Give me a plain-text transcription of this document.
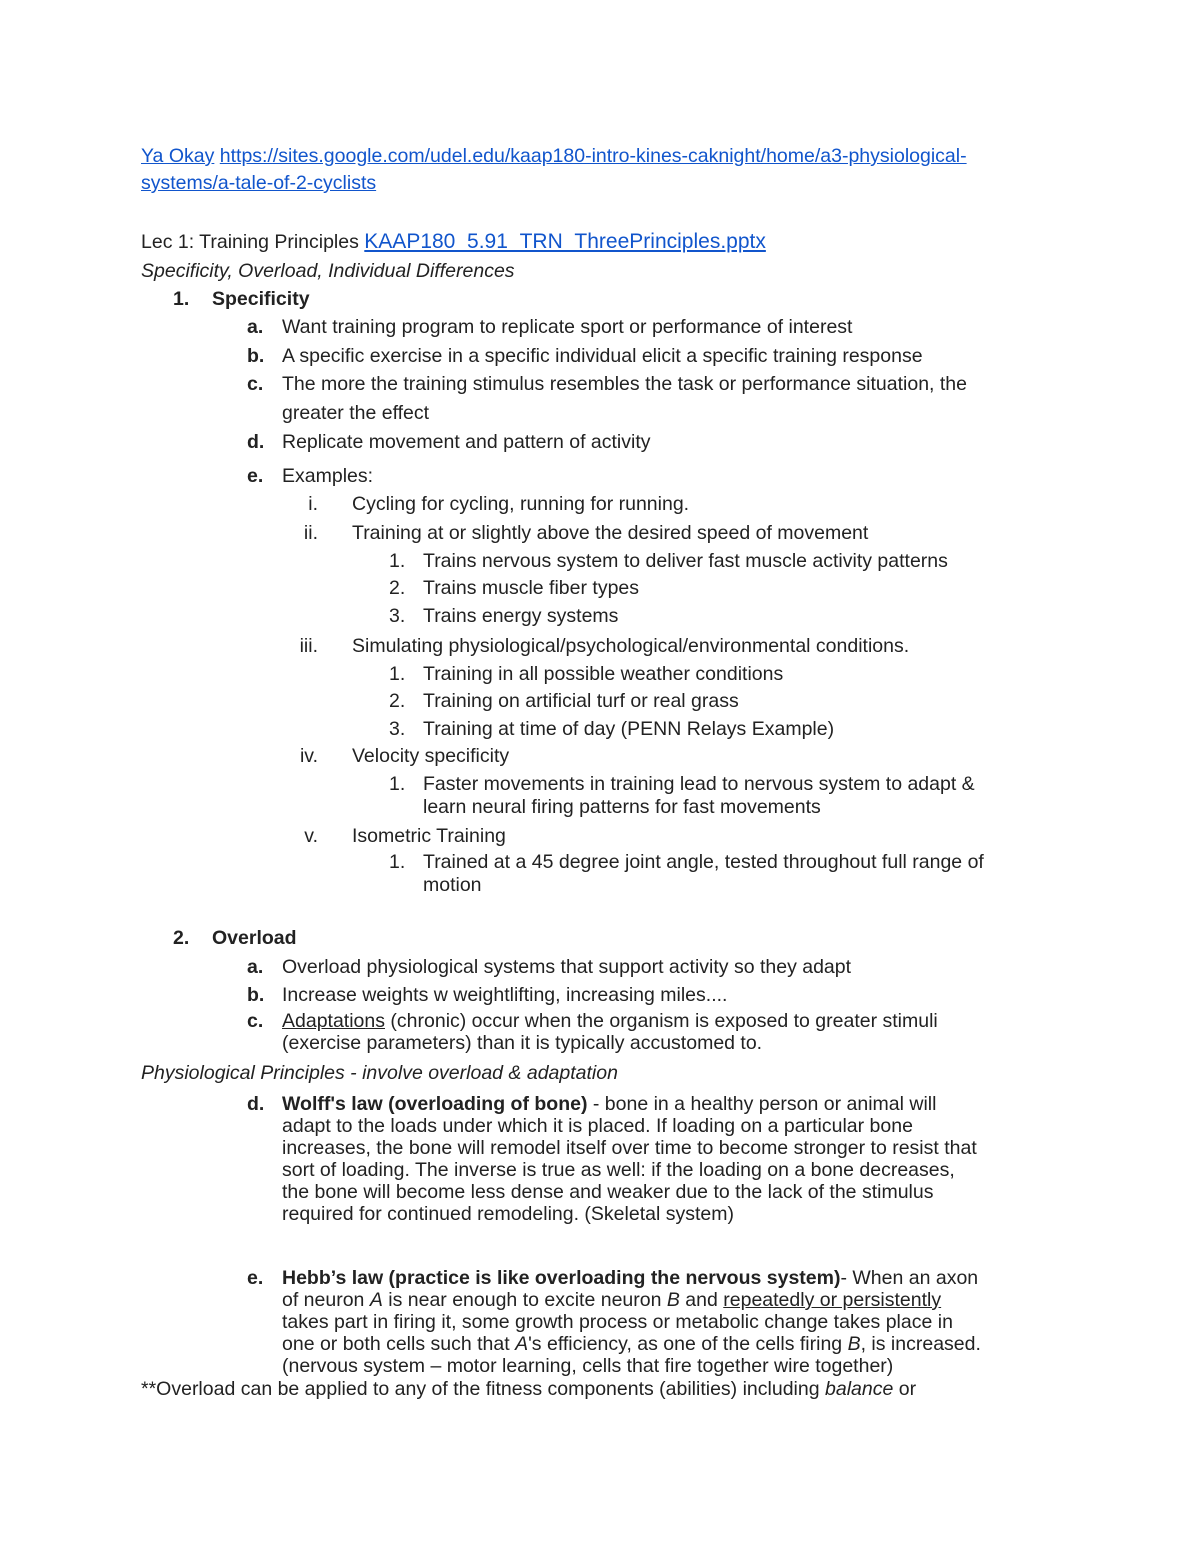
Ya Okay https://sites.google.com/udel.edu/kaap180-intro-kines-caknight/home/a3-physiological-
systems/a-tale-of-2-cyclists
Lec 1: Training Principles KAAP180_5.91_TRN_ThreePrinciples.pptx
Specificity, Overload, Individual Differences
1. Specificity
a. Want training program to replicate sport or performance of interest
b. A specific exercise in a specific individual elicit a specific training response
c. The more the training stimulus resembles the task or performance situation, the
greater the effect
d. Replicate movement and pattern of activity
e. Examples:
i. Cycling for cycling, running for running.
ii. Training at or slightly above the desired speed of movement
1. Trains nervous system to deliver fast muscle activity patterns
2. Trains muscle fiber types
3. Trains energy systems
iii. Simulating physiological/psychological/environmental conditions.
1. Training in all possible weather conditions
2. Training on artificial turf or real grass
3. Training at time of day (PENN Relays Example)
iv. Velocity specificity
1. Faster movements in training lead to nervous system to adapt &
learn neural firing patterns for fast movements
v. Isometric Training
1. Trained at a 45 degree joint angle, tested throughout full range of
motion
2. Overload
a. Overload physiological systems that support activity so they adapt
b. Increase weights w weightlifting, increasing miles....
c. Adaptations (chronic) occur when the organism is exposed to greater stimuli
(exercise parameters) than it is typically accustomed to.
Physiological Principles - involve overload & adaptation
d. Wolff's law (overloading of bone) - bone in a healthy person or animal will
adapt to the loads under which it is placed. If loading on a particular bone
increases, the bone will remodel itself over time to become stronger to resist that
sort of loading. The inverse is true as well: if the loading on a bone decreases,
the bone will become less dense and weaker due to the lack of the stimulus
required for continued remodeling. (Skeletal system)
e. Hebb’s law (practice is like overloading the nervous system)- When an axon
of neuron A is near enough to excite neuron B and repeatedly or persistently
takes part in firing it, some growth process or metabolic change takes place in
one or both cells such that A's efficiency, as one of the cells firing B, is increased.
(nervous system – motor learning, cells that fire together wire together)
**Overload can be applied to any of the fitness components (abilities) including balance or
